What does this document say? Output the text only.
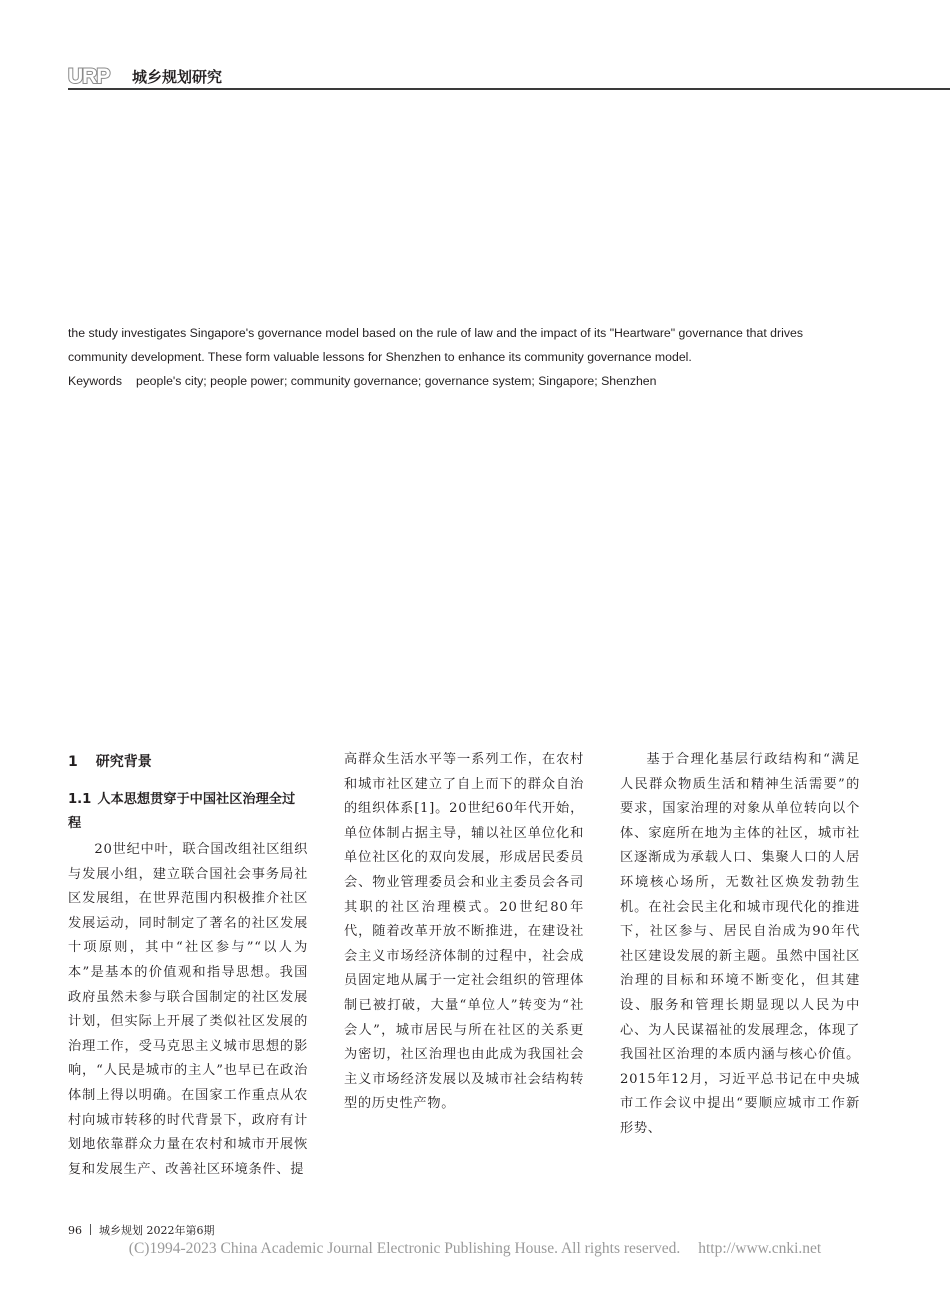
URP	城乡规划研究
the study investigates Singapore's governance model based on the rule of law and the impact of its "Heartware" governance that drives
community development. These form valuable lessons for Shenzhen to enhance its community governance model.
Keywords people's city; people power; community governance; governance system; Singapore; Shenzhen
1 研究背景
1.1 人本思想贯穿于中国社区治理全过程

20世纪中叶，联合国改组社区组织与发展小组，建立联合国社会事务局社区发展组，在世界范围内积极推介社区发展运动，同时制定了著名的社区发展十项原则，其中“社区参与”“以人为本”是基本的价值观和指导思想。我国政府虽然未参与联合国制定的社区发展计划，但实际上开展了类似社区发展的治理工作，受马克思主义城市思想的影响，“人民是城市的主人”也早已在政治体制上得以明确。在国家工作重点从农村向城市转移的时代背景下，政府有计划地依靠群众力量在农村和城市开展恢复和发展生产、改善社区环境条件、提

高群众生活水平等一系列工作，在农村和城市社区建立了自上而下的群众自治的组织体系[1]。20世纪60年代开始，单位体制占据主导，辅以社区单位化和单位社区化的双向发展，形成居民委员会、物业管理委员会和业主委员会各司其职的社区治理模式。20世纪80年代，随着改革开放不断推进，在建设社会主义市场经济体制的过程中，社会成员固定地从属于一定社会组织的管理体制已被打破，大量“单位人”转变为“社会人”，城市居民与所在社区的关系更为密切，社区治理也由此成为我国社会主义市场经济发展以及城市社会结构转型的历史性产物。

基于合理化基层行政结构和“满足人民群众物质生活和精神生活需要”的要求，国家治理的对象从单位转向以个体、家庭所在地为主体的社区，城市社区逐渐成为承载人口、集聚人口的人居环境核心场所，无数社区焕发勃勃生机。在社会民主化和城市现代化的推进下，社区参与、居民自治成为90年代社区建设发展的新主题。虽然中国社区治理的目标和环境不断变化，但其建设、服务和管理长期显现以人民为中心、为人民谋福祉的发展理念，体现了我国社区治理的本质内涵与核心价值。2015年12月，习近平总书记在中央城市工作会议中提出“要顺应城市工作新形势、

96 城乡规划 2022年第6期
(C)1994-2023 China Academic Journal Electronic Publishing House. All rights reserved. http://www.cnki.net
